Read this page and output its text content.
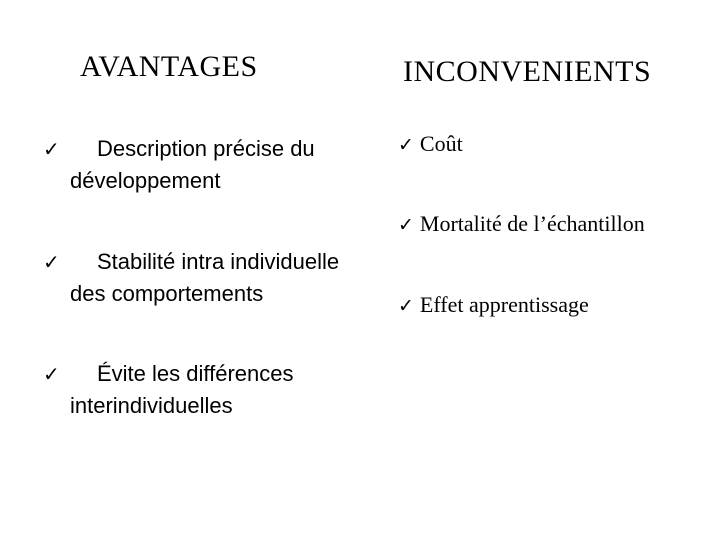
AVANTAGES	INCONVENIENTS
✓	Description précise du
développement
✓	Stabilité intra individuelle
des comportements
✓	Évite les différences
interindividuelles
✓ Coût
✓ Mortalité de l’échantillon
✓ Effet apprentissage
